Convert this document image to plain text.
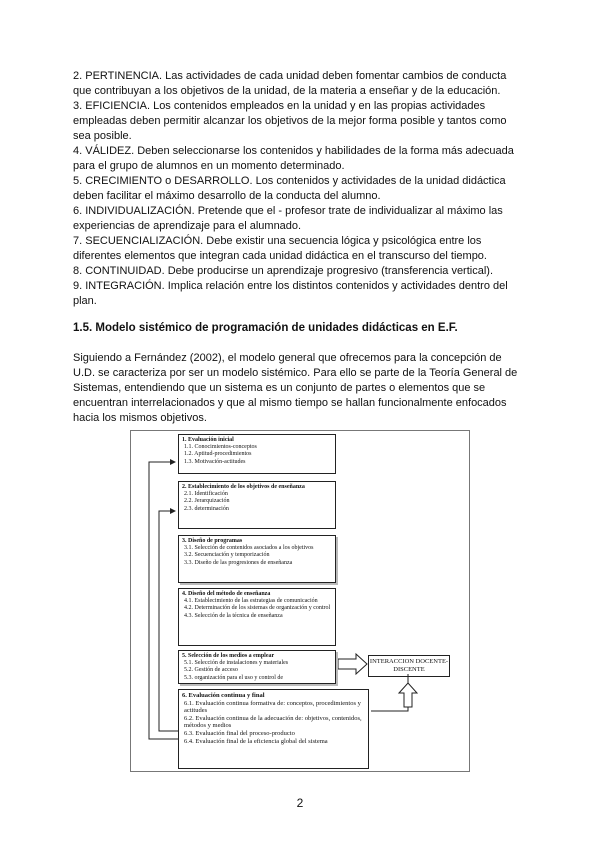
2. PERTINENCIA. Las actividades de cada unidad deben fomentar cambios de conducta que contribuyan a los objetivos de la unidad, de la materia a enseñar y de la educación.

3. EFICIENCIA. Los contenidos empleados en la unidad y en las propias actividades empleadas deben permitir alcanzar los objetivos de la mejor forma posible y tantos como sea posible.

4. VÁLIDEZ. Deben seleccionarse los contenidos y habilidades de la forma más adecuada para el grupo de alumnos en un momento determinado.

5. CRECIMIENTO o DESARROLLO. Los contenidos y actividades de la unidad didáctica deben facilitar el máximo desarrollo de la conducta del alumno.

6. INDIVIDUALIZACIÓN. Pretende que el - profesor trate de individualizar al máximo las experiencias de aprendizaje para el alumnado.

7. SECUENCIALIZACIÓN. Debe existir una secuencia lógica y psicológica entre los diferentes elementos que integran cada unidad didáctica en el transcurso del tiempo.

8. CONTINUIDAD. Debe producirse un aprendizaje progresivo (transferencia vertical).

9. INTEGRACIÓN. Implica relación entre los distintos contenidos y actividades dentro del plan.

1.5. Modelo sistémico de programación de unidades didácticas en E.F.
Siguiendo a Fernández (2002), el modelo general que ofrecemos para la concepción de U.D. se caracteriza por ser un modelo sistémico. Para ello se parte de la Teoría General de Sistemas, entendiendo que un sistema es un conjunto de partes o elementos que se encuentran interrelacionados y que al mismo tiempo se hallan funcionalmente enfocados hacia los mismos objetivos.
1. Evaluación inicial
1.1. Conocimientos-conceptos
1.2. Aptitud-procedimientos
1.3. Motivación-actitudes
2. Establecimiento de los objetivos de enseñanza
2.1. Identificación
2.2. Jerarquización
2.3. determinación
3. Diseño de programas
3.1. Selección de contenidos asociados a los objetivos
3.2. Secuenciación y temporización
3.3. Diseño de las progresiones de enseñanza
4. Diseño del método de enseñanza
4.1. Establecimiento de las estrategias de comunicación
4.2. Determinación de los sistemas de organización y control
4.3. Selección de la técnica de enseñanza
5. Selección de los medios a emplear
5.1. Selección de instalaciones y materiales
5.2. Gestión de acceso
5.3. organización para el uso y control de
6. Evaluación continua y final
6.1. Evaluación continua formativa de: conceptos, procedimientos y actitudes
6.2. Evaluación continua de la adecuación de: objetivos, contenidos, métodos y medios
6.3. Evaluación final del proceso-producto
6.4. Evaluación final de la eficiencia global del sistema
INTERACCION DOCENTE-DISCENTE
2
